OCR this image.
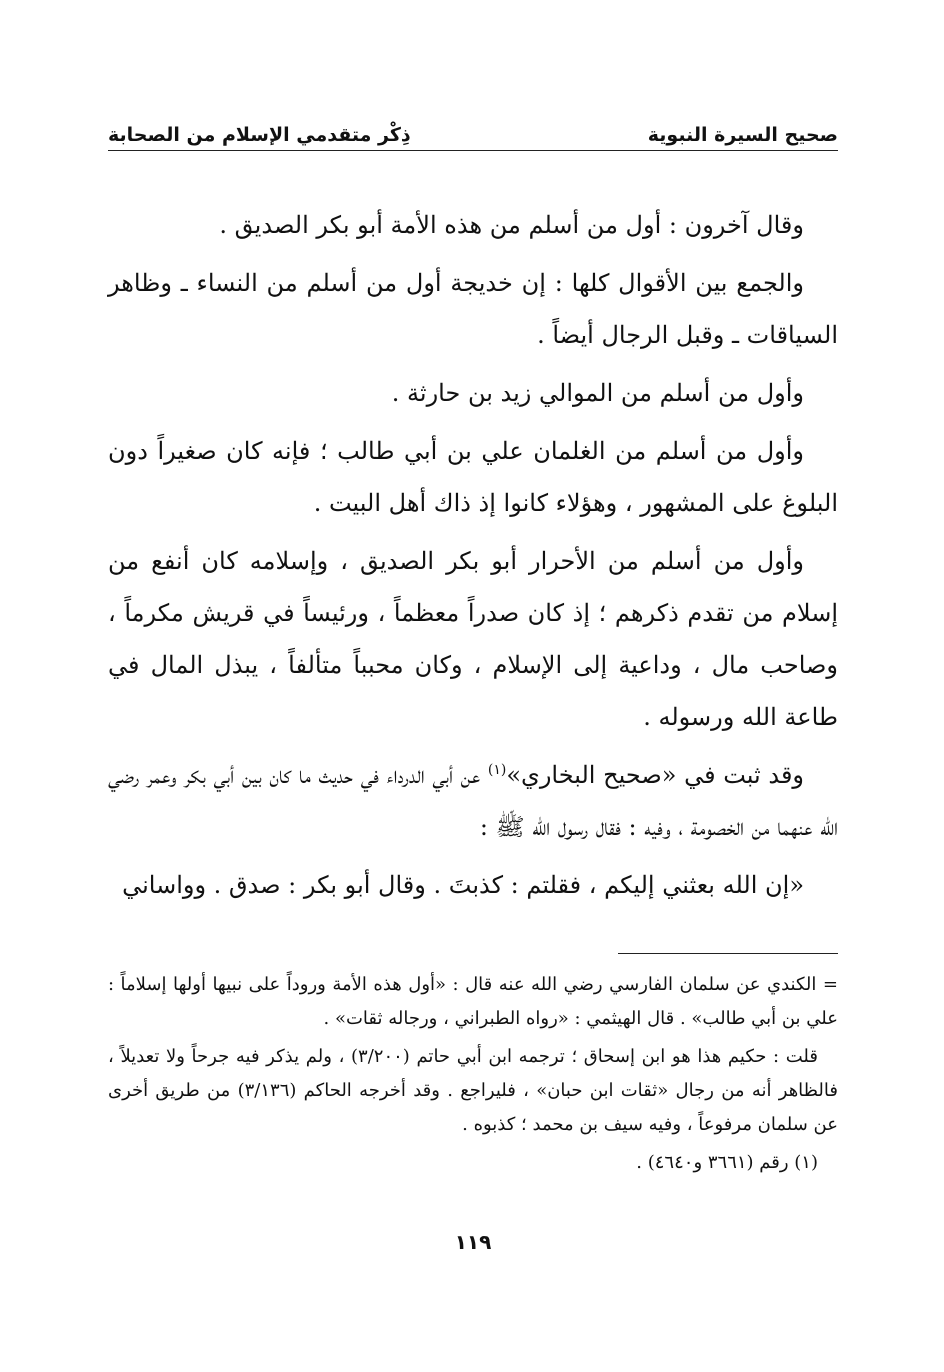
صحيح السيرة النبوية
ذِكْر متقدمي الإسلام من الصحابة

وقال آخرون : أول من أسلم من هذه الأمة أبو بكر الصديق .

والجمع بين الأقوال كلها : إن خديجة أول من أسلم من النساء ـ وظاهر السياقات ـ وقبل الرجال أيضاً .

وأول من أسلم من الموالي زيد بن حارثة .

وأول من أسلم من الغلمان علي بن أبي طالب ؛ فإنه كان صغيراً دون البلوغ على المشهور ، وهؤلاء كانوا إذ ذاك أهل البيت .

وأول من أسلم من الأحرار أبو بكر الصديق ، وإسلامه كان أنفع من إسلام من تقدم ذكرهم ؛ إذ كان صدراً معظماً ، ورئيساً في قريش مكرماً ، وصاحب مال ، وداعية إلى الإسلام ، وكان محبباً متألفاً ، يبذل المال في طاعة الله ورسوله .

وقد ثبت في «صحيح البخاري»$^{(١)}$ عن أبي الدرداء في حديث ما كان بين أبي بكر وعمر رضي الله عنهما من الخصومة ، وفيه : فقال رسول الله ﷺ :

«إن الله بعثني إليكم ، فقلتم : كذبتَ . وقال أبو بكر : صدق . وواساني

= الكندي عن سلمان الفارسي رضي الله عنه قال : «أول هذه الأمة وروداً على نبيها أولها إسلاماً : علي بن أبي طالب» . قال الهيثمي : «رواه الطبراني ، ورجاله ثقات» .

قلت : حكيم هذا هو ابن إسحاق ؛ ترجمه ابن أبي حاتم (٣/٢٠٠) ، ولم يذكر فيه جرحاً ولا تعديلاً ، فالظاهر أنه من رجال «ثقات ابن حبان» ، فليراجع . وقد أخرجه الحاكم (٣/١٣٦) من طريق أخرى عن سلمان مرفوعاً ، وفيه سيف بن محمد ؛ كذبوه .

(١) رقم (٣٦٦١ و٤٦٤٠) .

١١٩
